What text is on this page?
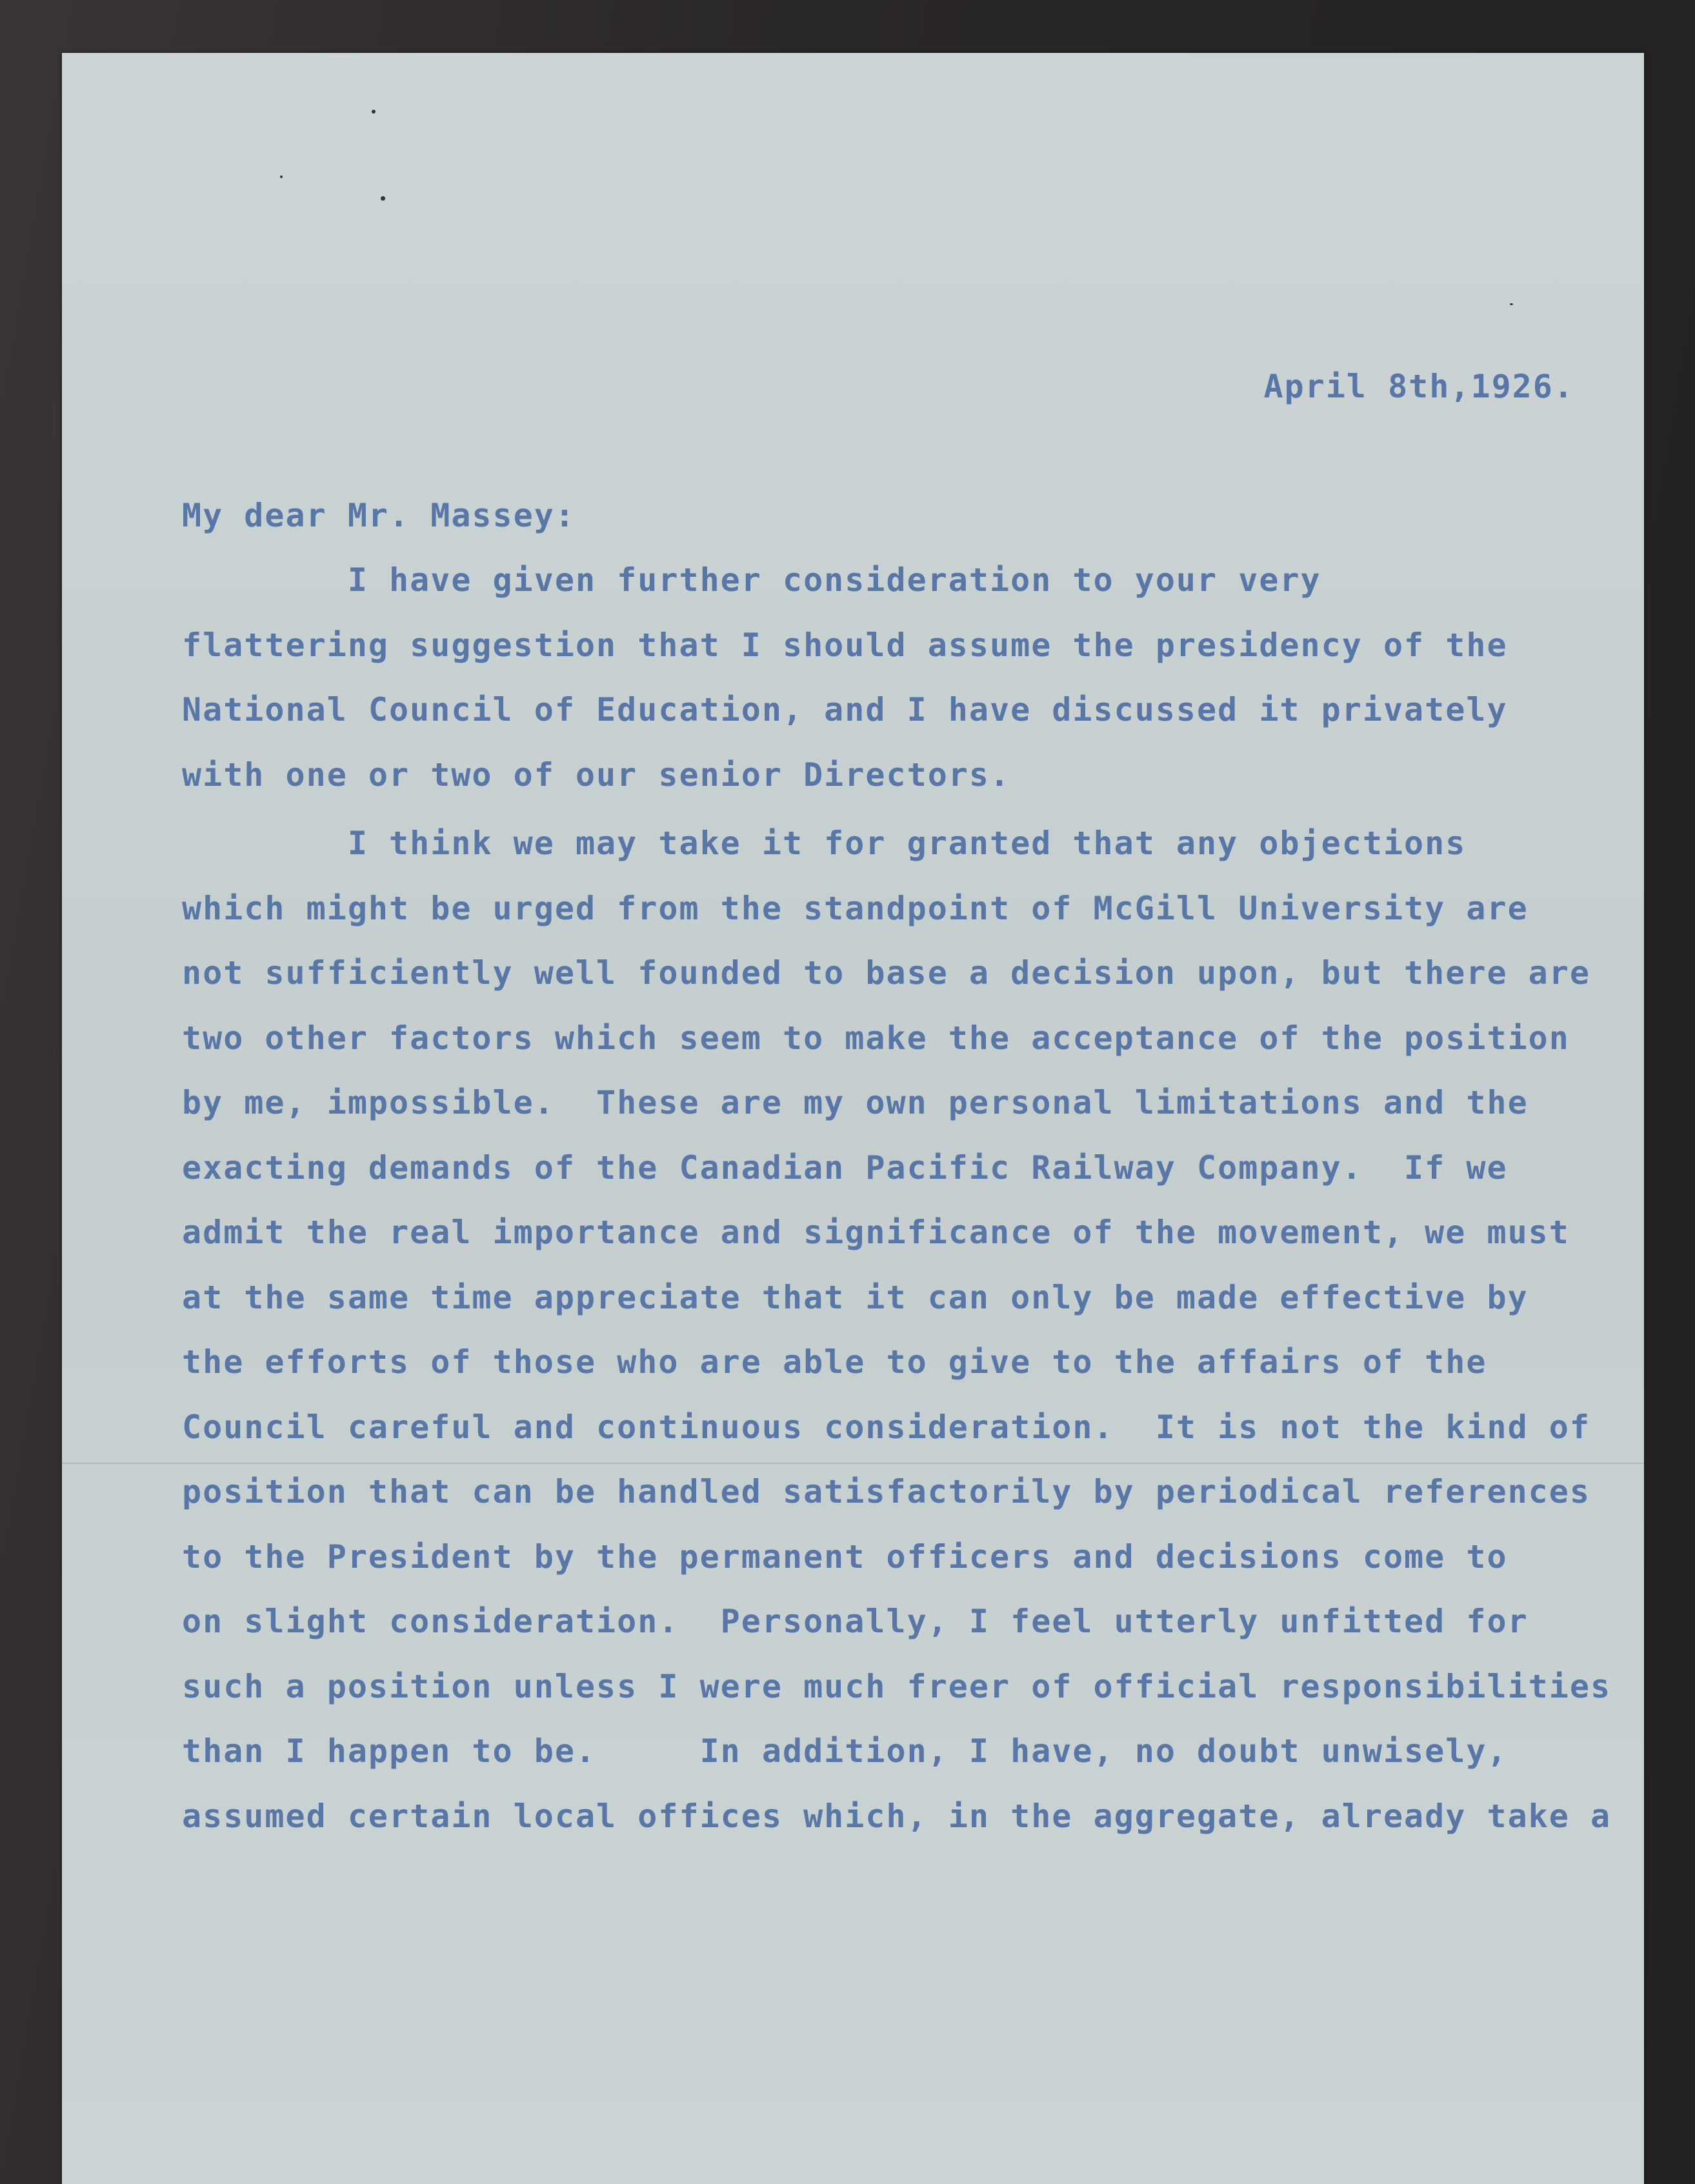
April 8th,1926.

My dear Mr. Massey:

I have given further consideration to your very

flattering suggestion that I should assume the presidency of the

National Council of Education, and I have discussed it privately

with one or two of our senior Directors.

I think we may take it for granted that any objections

which might be urged from the standpoint of McGill University are

not sufficiently well founded to base a decision upon, but there are

two other factors which seem to make the acceptance of the position

by me, impossible.  These are my own personal limitations and the

exacting demands of the Canadian Pacific Railway Company.  If we

admit the real importance and significance of the movement, we must

at the same time appreciate that it can only be made effective by

the efforts of those who are able to give to the affairs of the

Council careful and continuous consideration.  It is not the kind of

position that can be handled satisfactorily by periodical references

to the President by the permanent officers and decisions come to

on slight consideration.  Personally, I feel utterly unfitted for

such a position unless I were much freer of official responsibilities

than I happen to be.     In addition, I have, no doubt unwisely,

assumed certain local offices which, in the aggregate, already take a
